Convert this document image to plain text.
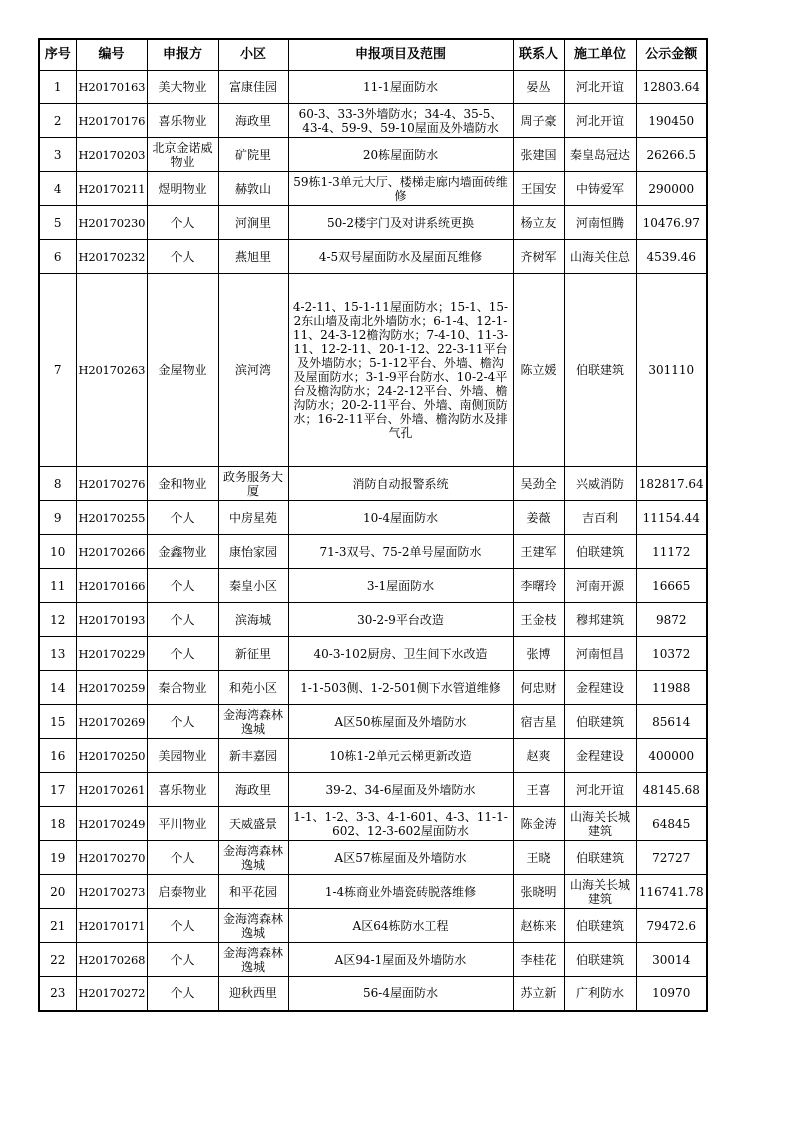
序号	编号	申报方	小区	申报项目及范围	联系人	施工单位	公示金额
1	H20170163	美大物业	富康佳园	11-1屋面防水	晏丛	河北开谊	12803.64
2	H20170176	喜乐物业	海政里	60-3、33-3外墙防水；34-4、35-5、43-4、59-9、59-10屋面及外墙防水	周子豪	河北开谊	190450
3	H20170203	北京金诺威物业	矿院里	20栋屋面防水	张建国	秦皇岛冠达	26266.5
4	H20170211	煜明物业	赫敦山	59栋1-3单元大厅、楼梯走廊内墙面砖维修	王国安	中铸爱军	290000
5	H20170230	个人	河涧里	50-2楼宇门及对讲系统更换	杨立友	河南恒腾	10476.97
6	H20170232	个人	燕旭里	4-5双号屋面防水及屋面瓦维修	齐树军	山海关住总	4539.46
7	H20170263	金屋物业	滨河湾	4-2-11、15-1-11屋面防水；15-1、15-2东山墙及南北外墙防水；6-1-4、12-1-11、24-3-12檐沟防水；7-4-10、11-3-11、12-2-11、20-1-12、22-3-11平台及外墙防水；5-1-12平台、外墙、檐沟及屋面防水；3-1-9平台防水、10-2-4平台及檐沟防水；24-2-12平台、外墙、檐沟防水；20-2-11平台、外墙、南侧顶防水；16-2-11平台、外墙、檐沟防水及排气孔	陈立媛	伯联建筑	301110
8	H20170276	金和物业	政务服务大厦	消防自动报警系统	吴劲全	兴威消防	182817.64
9	H20170255	个人	中房星苑	10-4屋面防水	姜薇	吉百利	11154.44
10	H20170266	金鑫物业	康怡家园	71-3双号、75-2单号屋面防水	王建军	伯联建筑	11172
11	H20170166	个人	秦皇小区	3-1屋面防水	李曙玲	河南开源	16665
12	H20170193	个人	滨海城	30-2-9平台改造	王金枝	穆邦建筑	9872
13	H20170229	个人	新征里	40-3-102厨房、卫生间下水改造	张博	河南恒昌	10372
14	H20170259	秦合物业	和苑小区	1-1-503侧、1-2-501侧下水管道维修	何忠财	金程建设	11988
15	H20170269	个人	金海湾森林逸城	A区50栋屋面及外墙防水	宿吉星	伯联建筑	85614
16	H20170250	美园物业	新丰嘉园	10栋1-2单元云梯更新改造	赵爽	金程建设	400000
17	H20170261	喜乐物业	海政里	39-2、34-6屋面及外墙防水	王喜	河北开谊	48145.68
18	H20170249	平川物业	天威盛景	1-1、1-2、3-3、4-1-601、4-3、11-1-602、12-3-602屋面防水	陈金涛	山海关长城建筑	64845
19	H20170270	个人	金海湾森林逸城	A区57栋屋面及外墙防水	王晓	伯联建筑	72727
20	H20170273	启泰物业	和平花园	1-4栋商业外墙瓷砖脱落维修	张晓明	山海关长城建筑	116741.78
21	H20170171	个人	金海湾森林逸城	A区64栋防水工程	赵栋来	伯联建筑	79472.6
22	H20170268	个人	金海湾森林逸城	A区94-1屋面及外墙防水	李桂花	伯联建筑	30014
23	H20170272	个人	迎秋西里	56-4屋面防水	苏立新	广利防水	10970
